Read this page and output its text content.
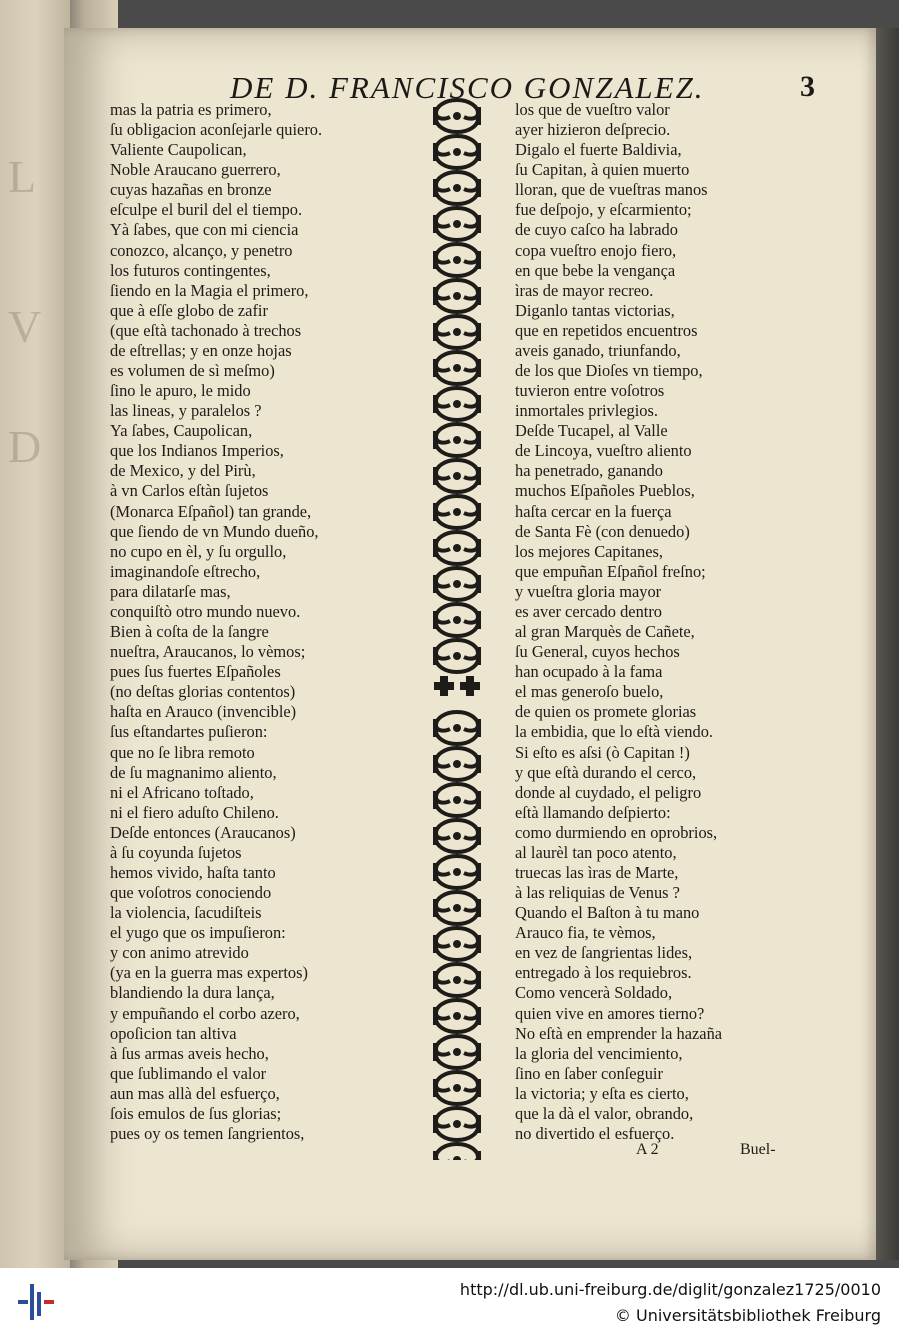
L
V
D
DE D. FRANCISCO GONZALEZ.	3
mas la patria es primero,
ſu obligacion aconſejarle quiero.
Valiente Caupolican,
Noble Araucano guerrero,
cuyas hazañas en bronze
eſculpe el buril del el tiempo.
Yà ſabes, que con mi ciencia
conozco, alcanço, y penetro
los futuros contingentes,
ſiendo en la Magia el primero,
que à eſſe globo de zafir
(que eſtà tachonado à trechos
de eſtrellas; y en onze hojas
es volumen de sì meſmo)
ſino le apuro, le mido
las lineas, y paralelos ?
Ya ſabes, Caupolican,
que los Indianos Imperios,
de Mexico, y del Pirù,
à vn Carlos eſtàn ſujetos
(Monarca Eſpañol) tan grande,
que ſiendo de vn Mundo dueño,
no cupo en èl, y ſu orgullo,
imaginandoſe eſtrecho,
para dilatarſe mas,
conquiſtò otro mundo nuevo.
Bien à coſta de la ſangre
nueſtra, Araucanos, lo vèmos;
pues ſus fuertes Eſpañoles
(no deſtas glorias contentos)
haſta en Arauco (invencible)
ſus eſtandartes puſieron:
que no ſe libra remoto
de ſu magnanimo aliento,
ni el Africano toſtado,
ni el fiero aduſto Chileno.
Deſde entonces (Araucanos)
à ſu coyunda ſujetos
hemos vivido, haſta tanto
que voſotros conociendo
la violencia, ſacudiſteis
el yugo que os impuſieron:
y con animo atrevido
(ya en la guerra mas expertos)
blandiendo la dura lança,
y empuñando el corbo azero,
opoſicion tan altiva
à ſus armas aveis hecho,
que ſublimando el valor
aun mas allà del esfuerço,
ſois emulos de ſus glorias;
pues oy os temen ſangrientos,
los que de vueſtro valor
ayer hizieron deſprecio.
Digalo el fuerte Baldivia,
ſu Capitan, à quien muerto
lloran, que de vueſtras manos
fue deſpojo, y eſcarmiento;
de cuyo caſco ha labrado
copa vueſtro enojo fiero,
en que bebe la vengança
ìras de mayor recreo.
Diganlo tantas victorias,
que en repetidos encuentros
aveis ganado, triunfando,
de los que Dioſes vn tiempo,
tuvieron entre voſotros
inmortales privlegios.
Deſde Tucapel, al Valle
de Lincoya, vueſtro aliento
ha penetrado, ganando
muchos Eſpañoles Pueblos,
haſta cercar en la fuerça
de Santa Fè (con denuedo)
los mejores Capitanes,
que empuñan Eſpañol freſno;
y vueſtra gloria mayor
es aver cercado dentro
al gran Marquès de Cañete,
ſu General, cuyos hechos
han ocupado à la fama
el mas generoſo buelo,
de quien os promete glorias
la embidia, que lo eſtà viendo.
Si eſto es aſsi (ò Capitan !)
y que eſtà durando el cerco,
donde al cuydado, el peligro
eſtà llamando deſpierto:
como durmiendo en oprobrios,
al laurèl tan poco atento,
truecas las ìras de Marte,
à las reliquias de Venus ?
Quando el Baſton à tu mano
Arauco fia, te vèmos,
en vez de ſangrientas lides,
entregado à los requiebros.
Como vencerà Soldado,
quien vive en amores tierno?
No eſtà en emprender la hazaña
la gloria del vencimiento,
ſino en ſaber conſeguir
la victoria; y eſta es cierto,
que la dà el valor, obrando,
no divertido el esfuerço.
A 2	Buel-
http://dl.ub.uni-freiburg.de/diglit/gonzalez1725/0010
© Universitätsbibliothek Freiburg
